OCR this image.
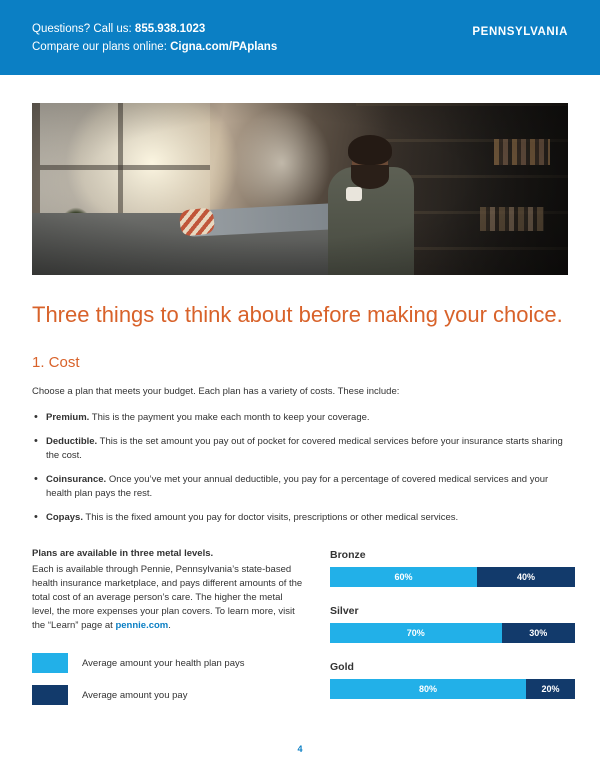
Questions? Call us: 855.938.1023
Compare our plans online: Cigna.com/PAplans
PENNSYLVANIA
Three things to think about before making your choice.
1. Cost

Choose a plan that meets your budget. Each plan has a variety of costs. These include:

• Premium. This is the payment you make each month to keep your coverage.
• Deductible. This is the set amount you pay out of pocket for covered medical services before your insurance starts sharing the cost.
• Coinsurance. Once you’ve met your annual deductible, you pay for a percentage of covered medical services and your health plan pays the rest.
• Copays. This is the fixed amount you pay for doctor visits, prescriptions or other medical services.
Plans are available in three metal levels.

Each is available through Pennie, Pennsylvania’s state-based health insurance marketplace, and pays different amounts of the total cost of an average person’s care. The higher the metal level, the more expenses your plan covers. To learn more, visit the “Learn” page at pennie.com.

Average amount your health plan pays
Average amount you pay
Bronze
60%	40%
Silver
70%	30%
Gold
80%	20%
4
